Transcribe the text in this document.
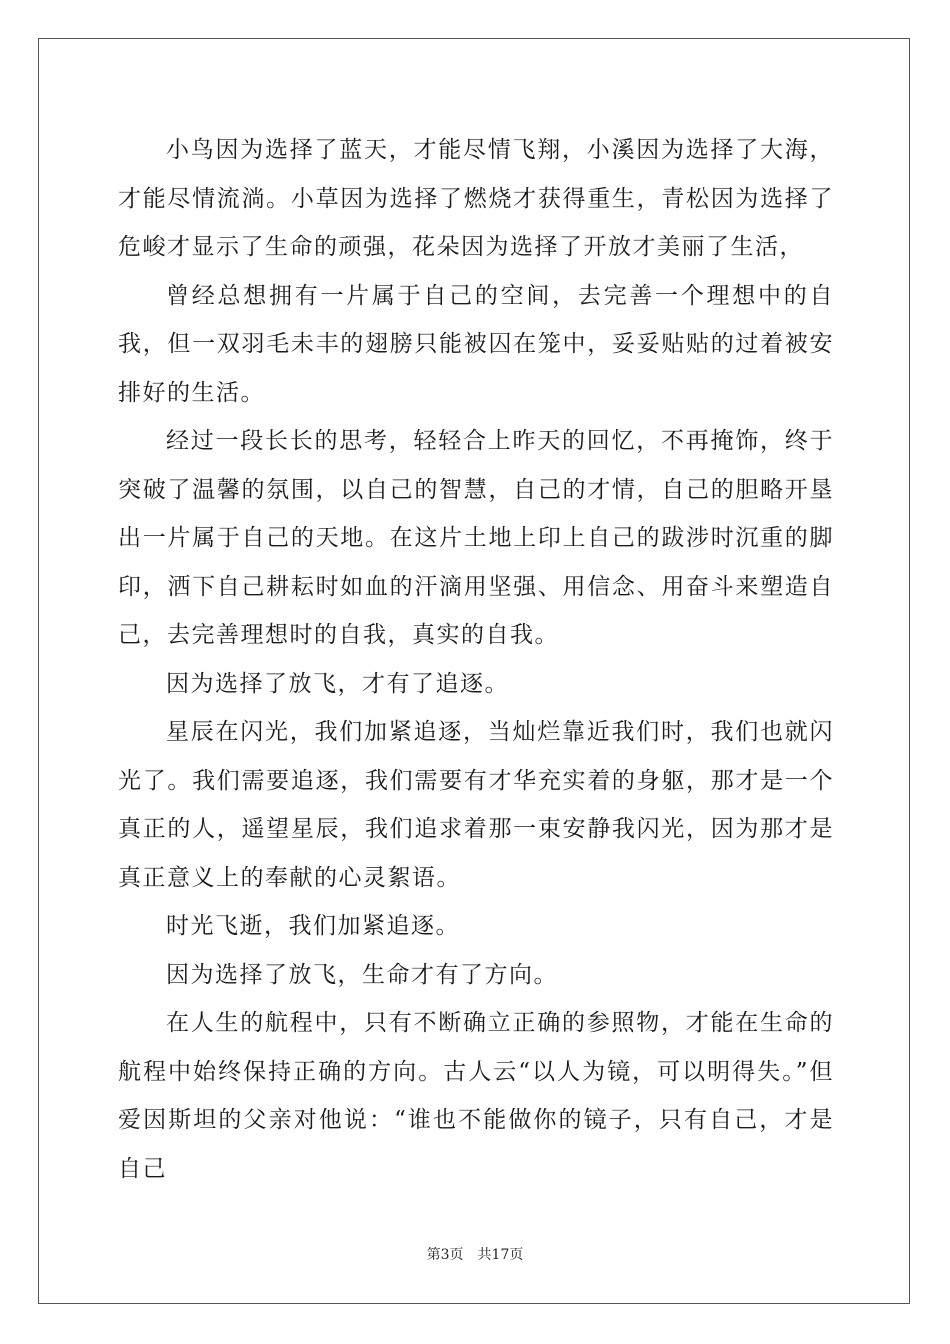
小鸟因为选择了蓝天，才能尽情飞翔，小溪因为选择了大海，才能尽情流淌。小草因为选择了燃烧才获得重生，青松因为选择了危峻才显示了生命的顽强，花朵因为选择了开放才美丽了生活，

曾经总想拥有一片属于自己的空间，去完善一个理想中的自我，但一双羽毛未丰的翅膀只能被囚在笼中，妥妥贴贴的过着被安排好的生活。

经过一段长长的思考，轻轻合上昨天的回忆，不再掩饰，终于突破了温馨的氛围，以自己的智慧，自己的才情，自己的胆略开垦出一片属于自己的天地。在这片土地上印上自己的跋涉时沉重的脚印，洒下自己耕耘时如血的汗滴用坚强、用信念、用奋斗来塑造自己，去完善理想时的自我，真实的自我。

因为选择了放飞，才有了追逐。

星辰在闪光，我们加紧追逐，当灿烂靠近我们时，我们也就闪光了。我们需要追逐，我们需要有才华充实着的身躯，那才是一个真正的人，遥望星辰，我们追求着那一束安静我闪光，因为那才是真正意义上的奉献的心灵絮语。

时光飞逝，我们加紧追逐。

因为选择了放飞，生命才有了方向。

在人生的航程中，只有不断确立正确的参照物，才能在生命的航程中始终保持正确的方向。古人云“以人为镜，可以明得失。”但爱因斯坦的父亲对他说：“谁也不能做你的镜子，只有自己，才是自己

第3页 共17页
